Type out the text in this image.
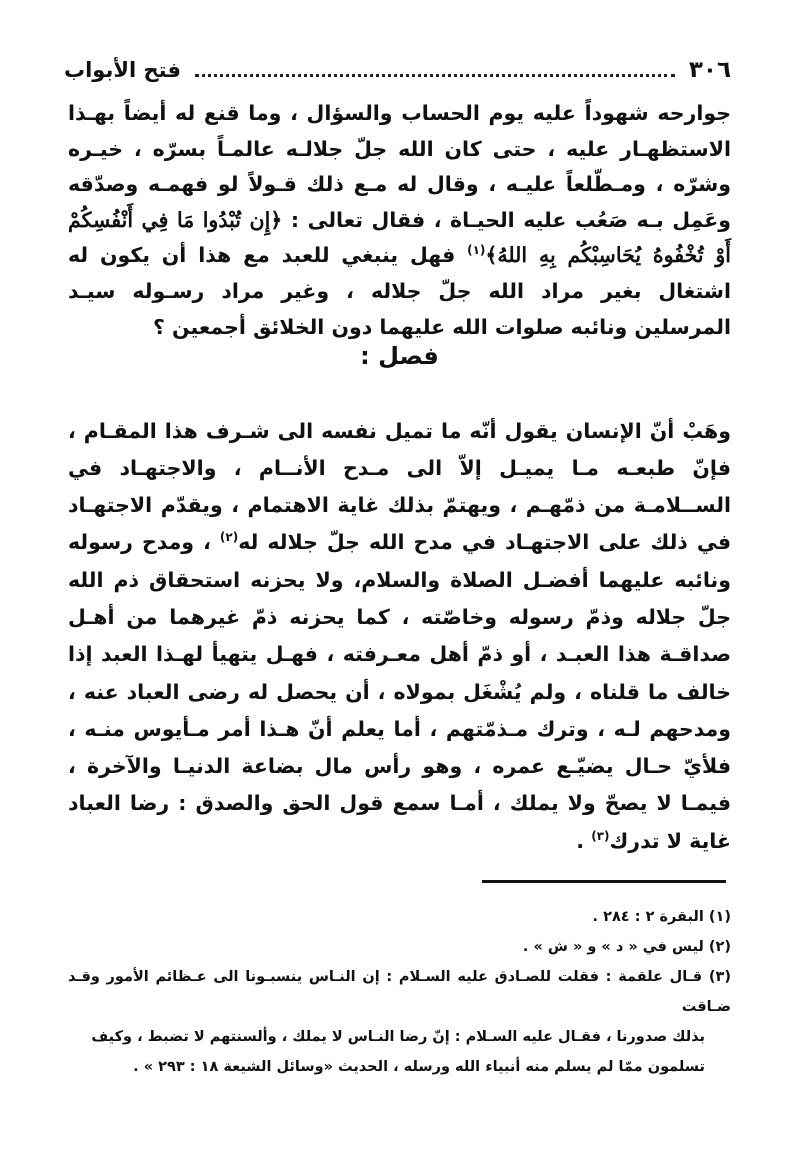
٣٠٦
فتح الأبواب

جوارحه شهوداً عليه يوم الحساب والسؤال ، وما قنع له أيضاً بهـذا الاستظهـار عليه ، حتى كان الله جلّ جلالـه عالمـاً بسرّه ، خيـره وشرّه ، ومـطّلعاً عليـه ، وقال له مـع ذلك قـولاً لو فهمـه وصدّقه وعَمِل بـه صَعُب عليه الحيـاة ، فقال تعالى : ﴿إِن تُبْدُوا مَا فِي أَنْفُسِكُمْ أَوْ تُخْفُوهُ يُحَاسِبْكُم بِهِ اللهُ﴾$^{(١)}$ فهل ينبغي للعبد مع هذا أن يكون له اشتغال بغير مراد الله جلّ جلاله ، وغير مراد رسـوله سيـد المرسلين ونائبه صلوات الله عليهما دون الخلائق أجمعين ؟

فصل :

وهَبْ أنّ الإنسان يقول أنّه ما تميل نفسه الى شـرف هذا المقـام ، فإنّ طبعـه مـا يميـل إلاّ الى مـدح الأنــام ، والاجتهـاد في الســلامـة من ذمّهـم ، ويهتمّ بذلك غاية الاهتمام ، ويقدّم الاجتهـاد في ذلك على الاجتهـاد في مدح الله جلّ جلاله له$^{(٢)}$ ، ومدح رسوله ونائبه عليهما أفضـل الصلاة والسلام، ولا يحزنه استحقاق ذم الله جلّ جلاله وذمّ رسوله وخاصّته ، كما يحزنه ذمّ غيرهما من أهـل صداقـة هذا العبـد ، أو ذمّ أهل معـرفته ، فهـل يتهيأ لهـذا العبد إذا خالف ما قلناه ، ولم يُشْغَل بمولاه ، أن يحصل له رضى العباد عنه ، ومدحهم لـه ، وترك مـذمّتهم ، أما يعلم أنّ هـذا أمر مـأيوس منـه ، فلأيّ حـال يضيّـع عمره ، وهو رأس مال بضاعة الدنيـا والآخرة ، فيمـا لا يصحّ ولا يملك ، أمـا سمع قول الحق والصدق : رضا العباد غاية لا تدرك$^{(٣)}$ .

(١) البقرة ٢ : ٢٨٤ .

(٢) ليس في « د » و « ش » .

(٣) قـال علقمة : فقلت للصـادق عليه السـلام : إن النـاس ينسبـونا الى عـظائم الأمور وقـد ضـاقت

بذلك صدورنا ، فقـال عليه السـلام : إنّ رضا النـاس لا يملك ، وألسنتهم لا تضبط ، وكيف

تسلمون ممّا لم يسلم منه أنبياء الله ورسله ، الحديث «وسائل الشيعة ١٨ : ٢٩٣ » .
